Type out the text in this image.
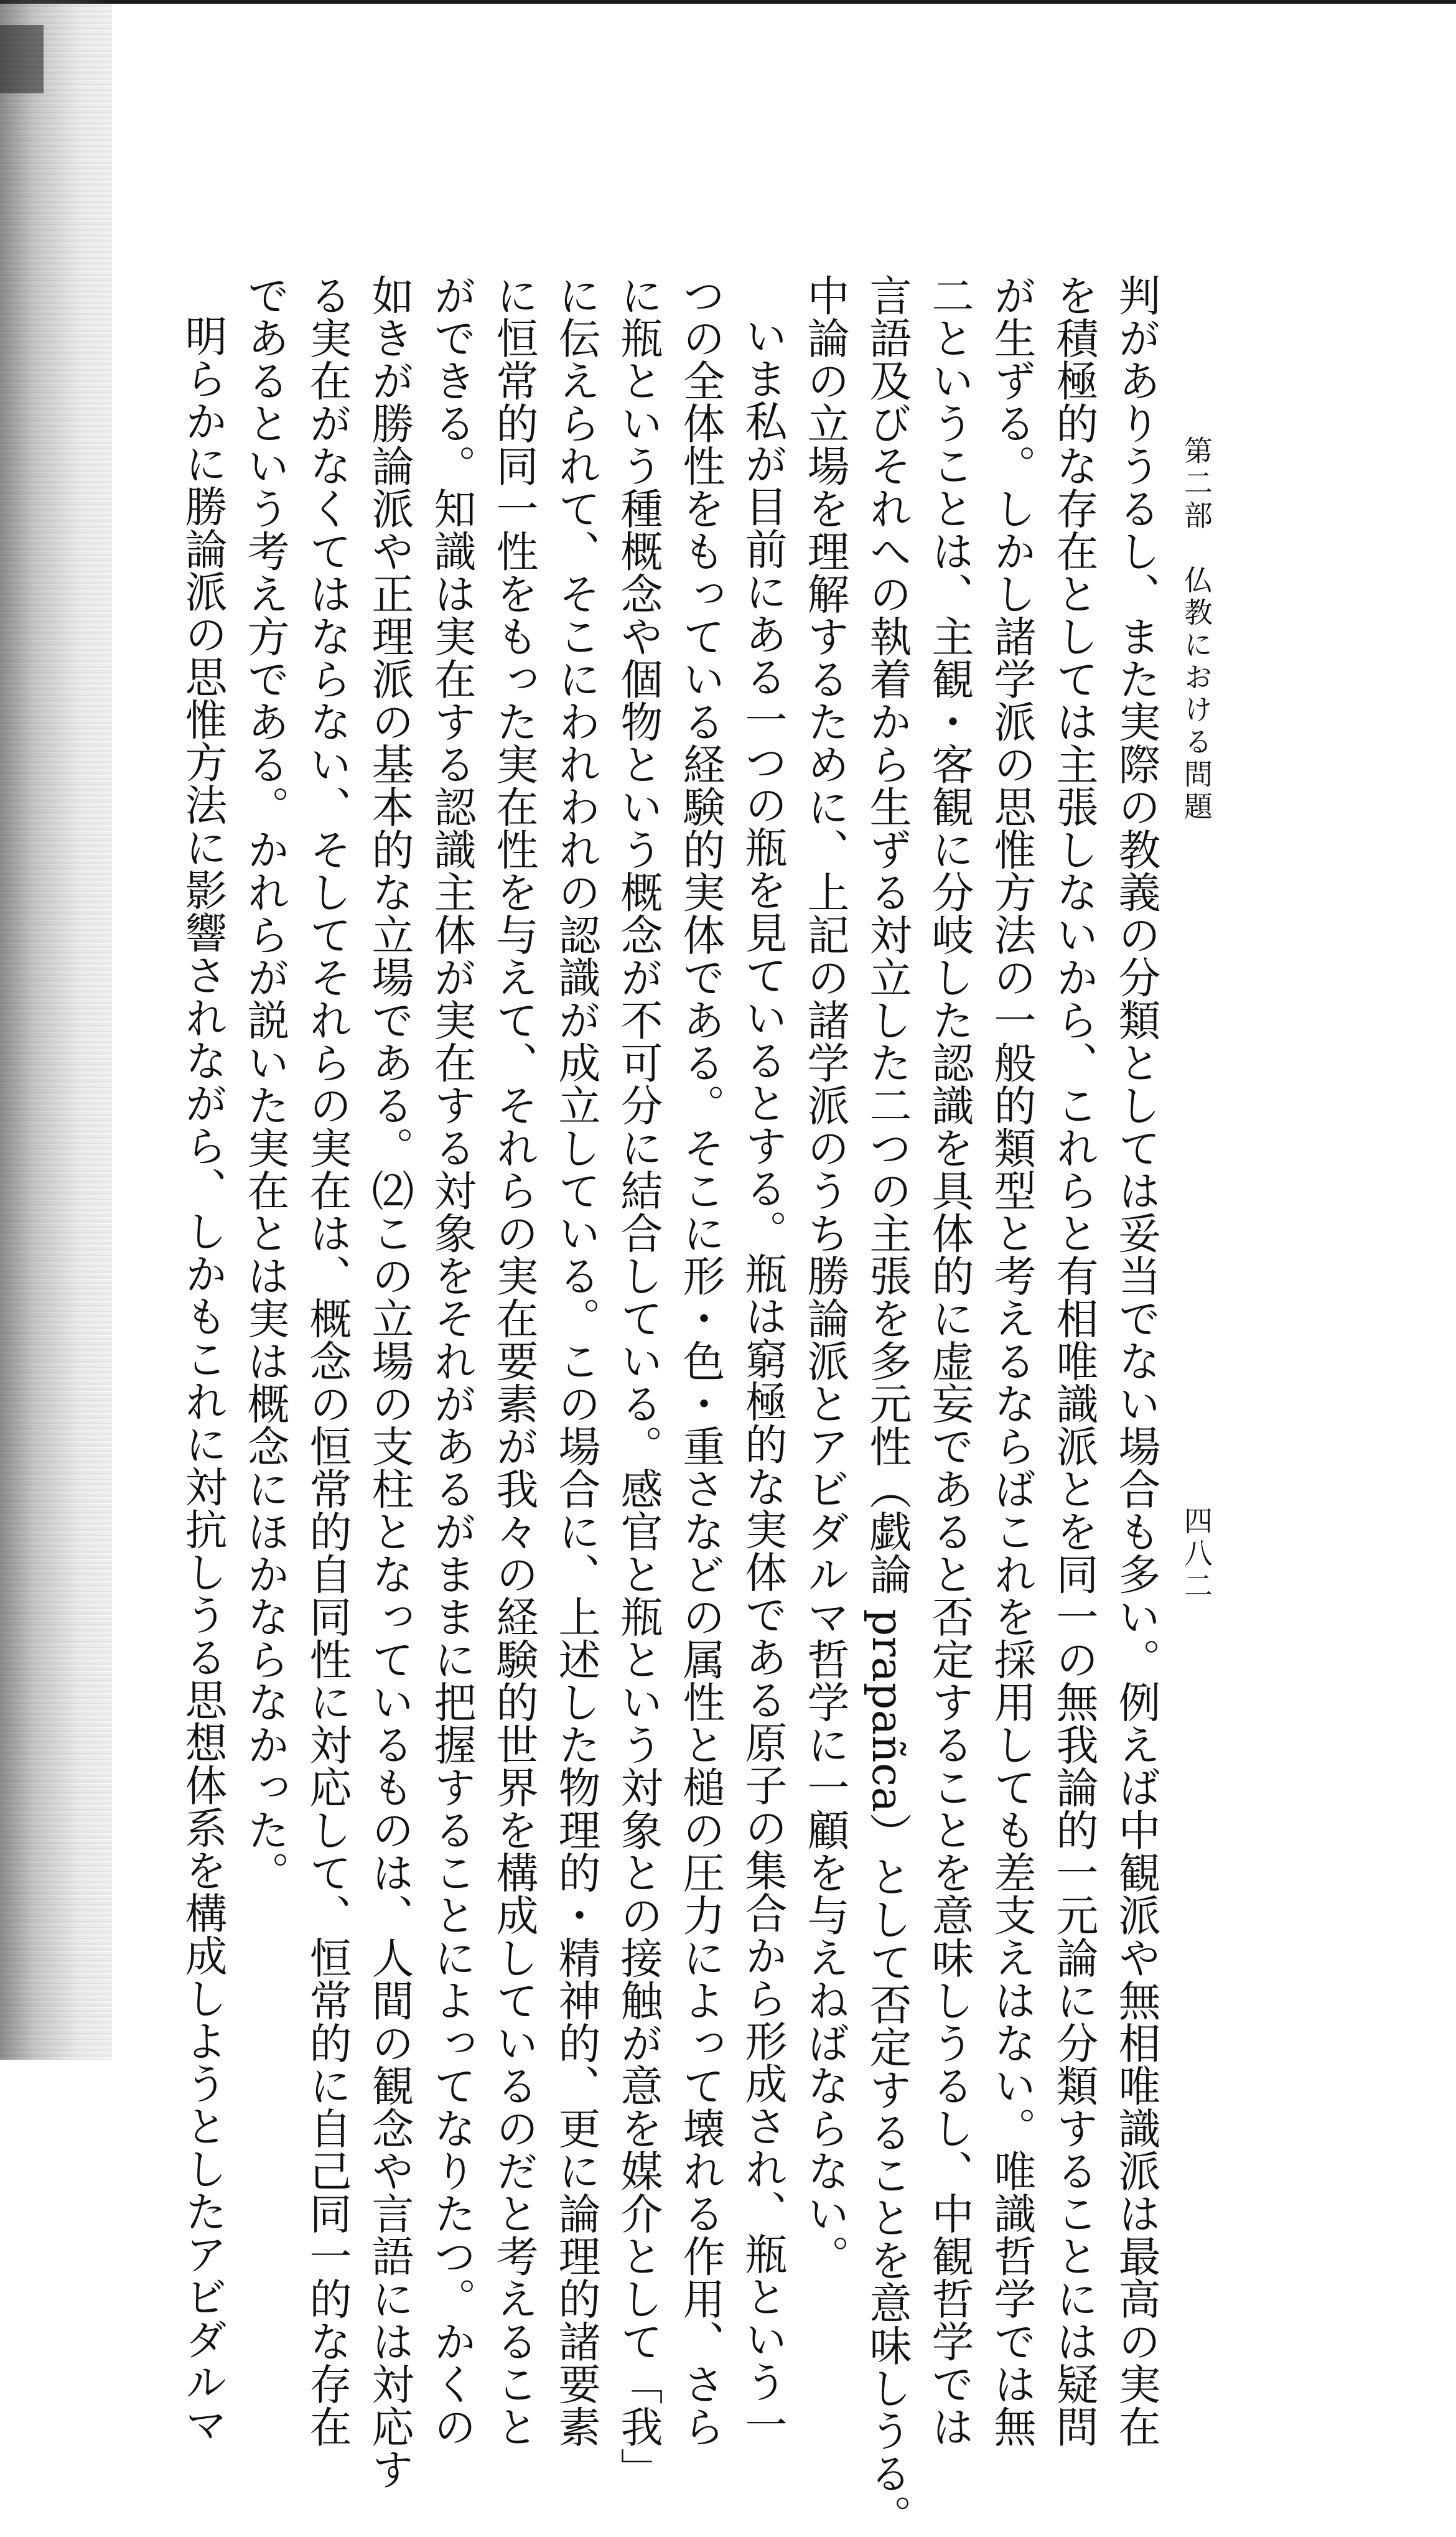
第二部　仏教における問題
四八二
判がありうるし、また実際の教義の分類としては妥当でない場合も多い。例えば中観派や無相唯識派は最高の実在
を積極的な存在としては主張しないから、これらと有相唯識派とを同一の無我論的一元論に分類することには疑問
が生ずる。しかし諸学派の思惟方法の一般的類型と考えるならばこれを採用しても差支えはない。唯識哲学では無
二ということは、主観・客観に分岐した認識を具体的に虚妄であると否定することを意味しうるし、中観哲学では
言語及びそれへの執着から生ずる対立した二つの主張を多元性（戯論 prapañca）として否定することを意味しうる。
中論の立場を理解するために、上記の諸学派のうち勝論派とアビダルマ哲学に一顧を与えねばならない。
いま私が目前にある一つの瓶を見ているとする。瓶は窮極的な実体である原子の集合から形成され、瓶という一
つの全体性をもっている経験的実体である。そこに形・色・重さなどの属性と槌の圧力によって壊れる作用、さら
に瓶という種概念や個物という概念が不可分に結合している。感官と瓶という対象との接触が意を媒介として「我」
に伝えられて、そこにわれわれの認識が成立している。この場合に、上述した物理的・精神的、更に論理的諸要素
に恒常的同一性をもった実在性を与えて、それらの実在要素が我々の経験的世界を構成しているのだと考えること
ができる。知識は実在する認識主体が実在する対象をそれがあるがままに把握することによってなりたつ。かくの
如きが勝論派や正理派の基本的な立場である。⑵この立場の支柱となっているものは、人間の観念や言語には対応す
る実在がなくてはならない、そしてそれらの実在は、概念の恒常的自同性に対応して、恒常的に自己同一的な存在
であるという考え方である。かれらが説いた実在とは実は概念にほかならなかった。
明らかに勝論派の思惟方法に影響されながら、しかもこれに対抗しうる思想体系を構成しようとしたアビダルマ
